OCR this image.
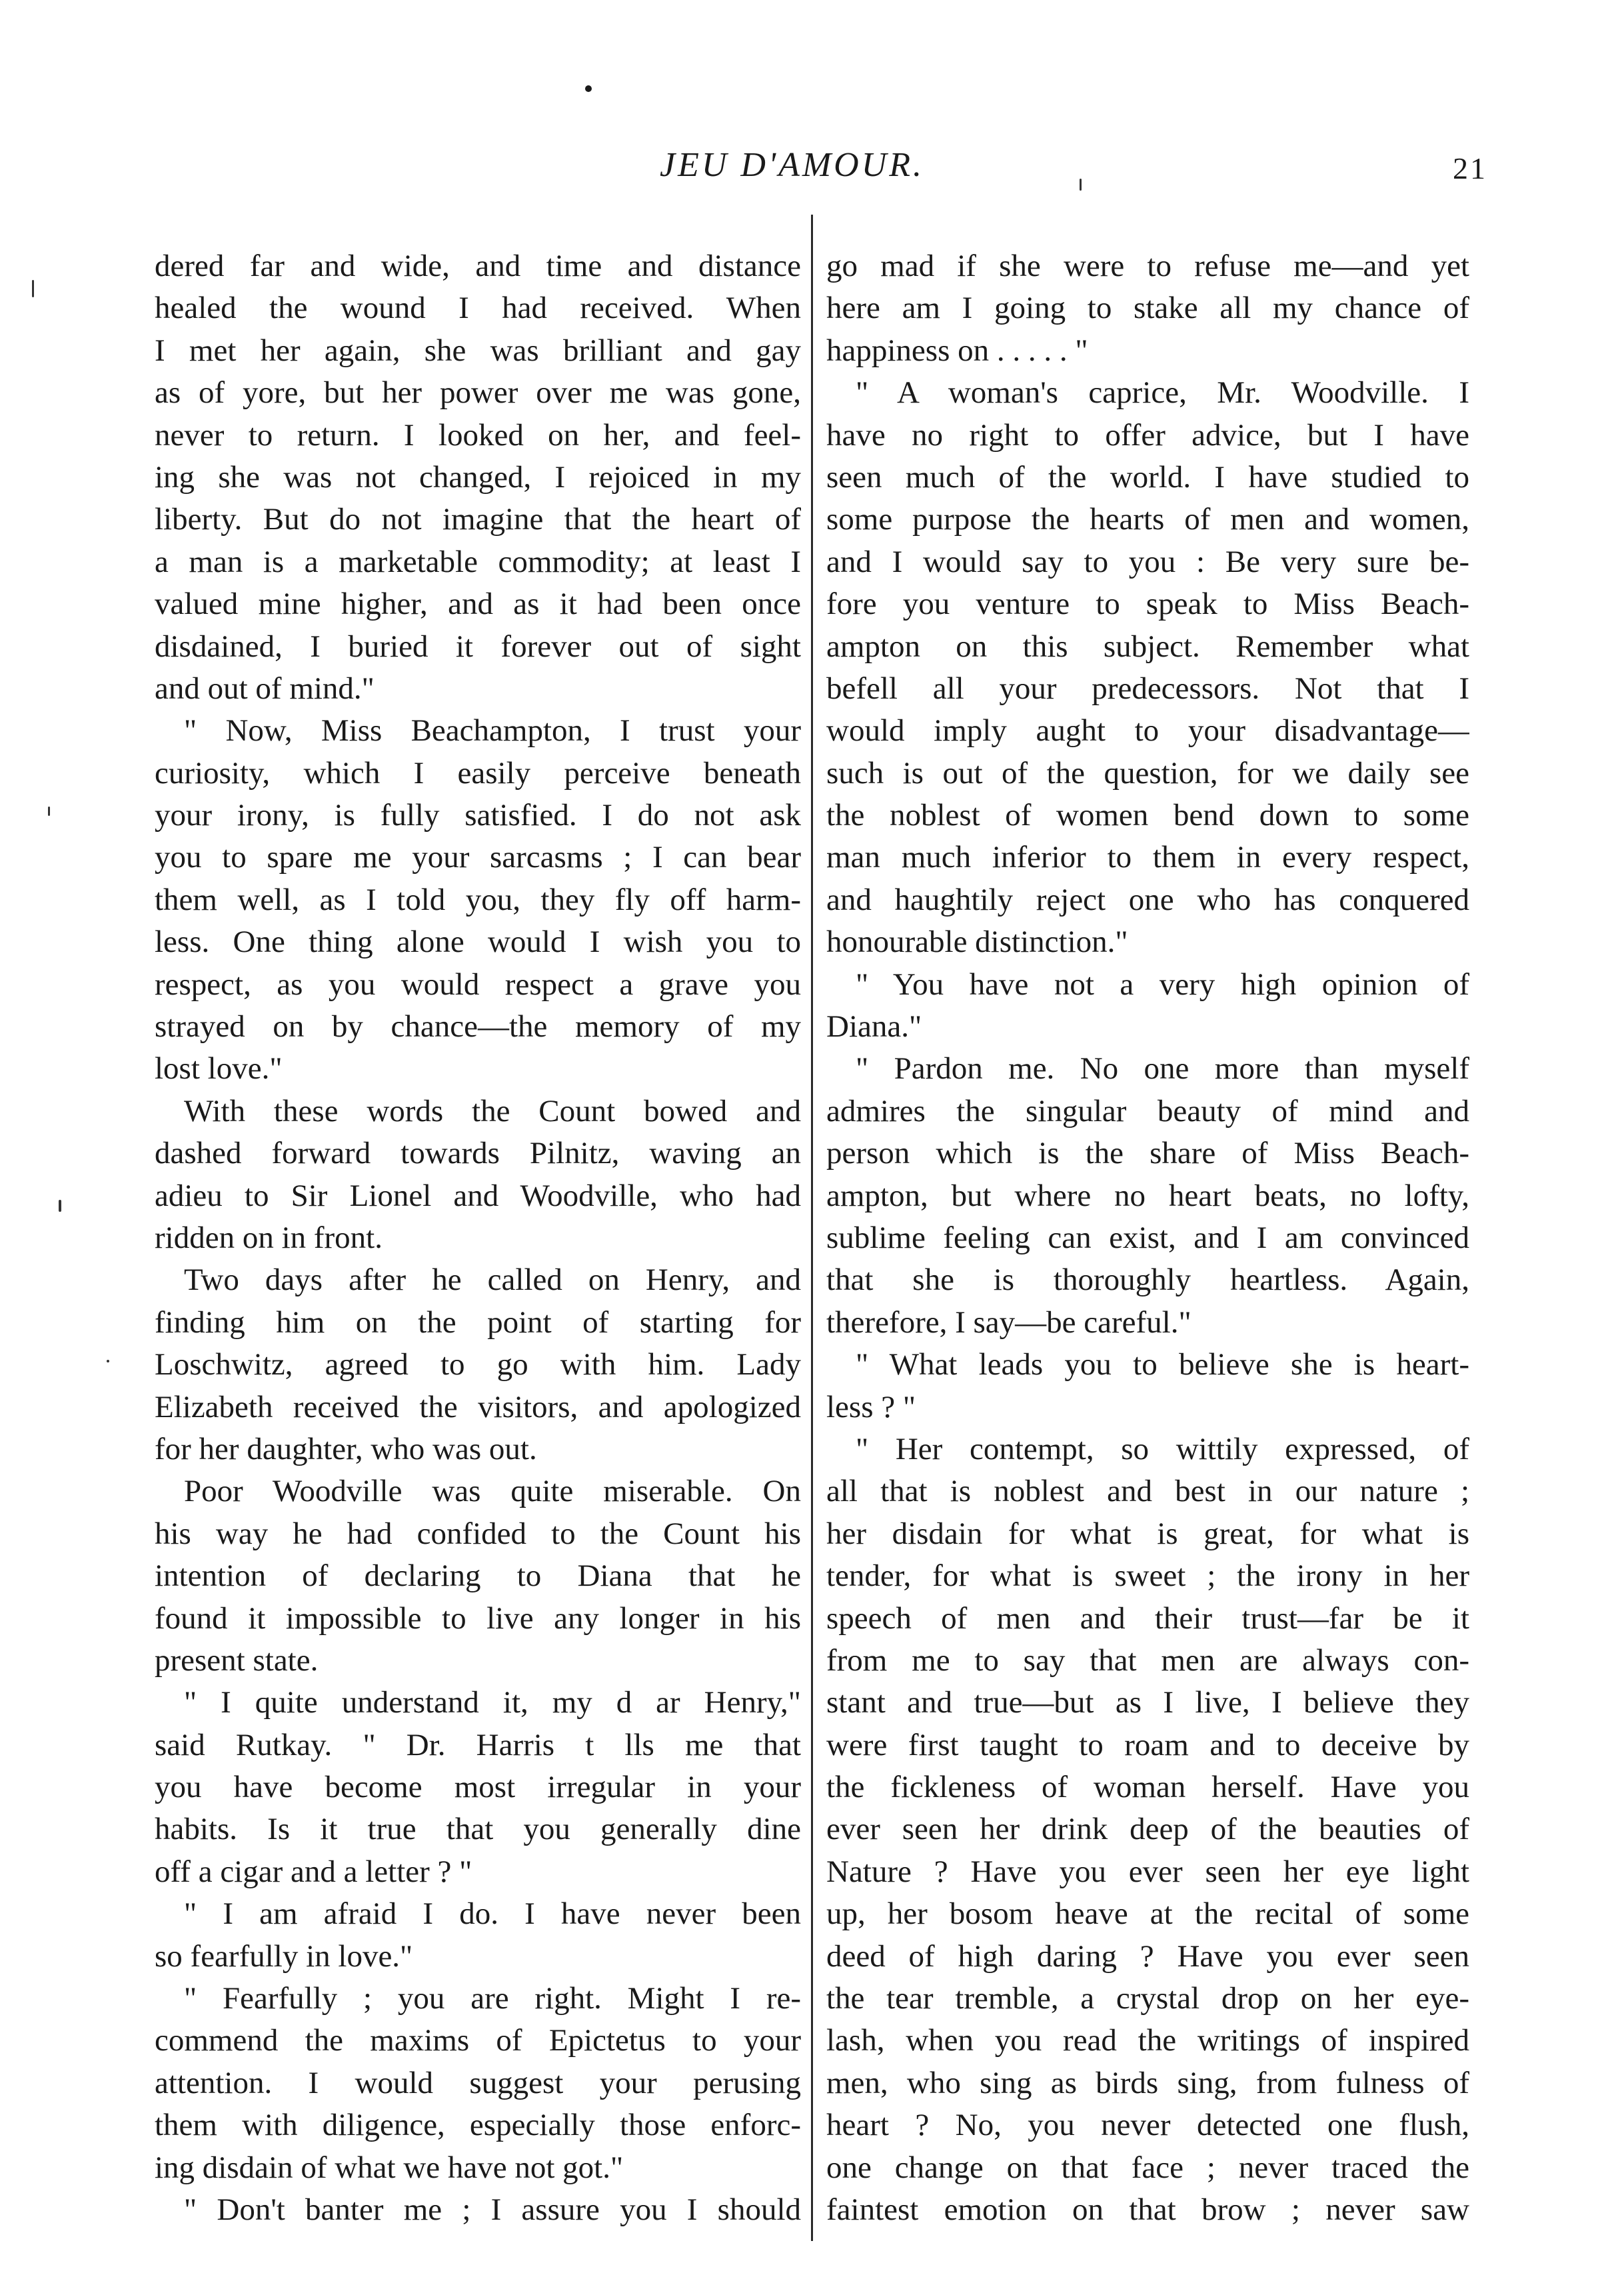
JEU D'AMOUR.	21
dered far and wide, and time and distance
healed the wound I had received. When
I met her again, she was brilliant and gay
as of yore, but her power over me was gone,
never to return. I looked on her, and feel-
ing she was not changed, I rejoiced in my
liberty. But do not imagine that the heart of
a man is a marketable commodity; at least I
valued mine higher, and as it had been once
disdained, I buried it forever out of sight
and out of mind."
" Now, Miss Beachampton, I trust your
curiosity, which I easily perceive beneath
your irony, is fully satisfied. I do not ask
you to spare me your sarcasms ; I can bear
them well, as I told you, they fly off harm-
less. One thing alone would I wish you to
respect, as you would respect a grave you
strayed on by chance—the memory of my
lost love."
With these words the Count bowed and
dashed forward towards Pilnitz, waving an
adieu to Sir Lionel and Woodville, who had
ridden on in front.
Two days after he called on Henry, and
finding him on the point of starting for
Loschwitz, agreed to go with him. Lady
Elizabeth received the visitors, and apologized
for her daughter, who was out.
Poor Woodville was quite miserable. On
his way he had confided to the Count his
intention of declaring to Diana that he
found it impossible to live any longer in his
present state.
" I quite understand it, my d ar Henry,"
said Rutkay. " Dr. Harris t lls me that
you have become most irregular in your
habits. Is it true that you generally dine
off a cigar and a letter ? "
" I am afraid I do. I have never been
so fearfully in love."
" Fearfully ; you are right. Might I re-
commend the maxims of Epictetus to your
attention. I would suggest your perusing
them with diligence, especially those enforc-
ing disdain of what we have not got."
" Don't banter me ; I assure you I should
go mad if she were to refuse me—and yet
here am I going to stake all my chance of
happiness on . . . . . "
" A woman's caprice, Mr. Woodville. I
have no right to offer advice, but I have
seen much of the world. I have studied to
some purpose the hearts of men and women,
and I would say to you : Be very sure be-
fore you venture to speak to Miss Beach-
ampton on this subject. Remember what
befell all your predecessors. Not that I
would imply aught to your disadvantage—
such is out of the question, for we daily see
the noblest of women bend down to some
man much inferior to them in every respect,
and haughtily reject one who has conquered
honourable distinction."
" You have not a very high opinion of
Diana."
" Pardon me. No one more than myself
admires the singular beauty of mind and
person which is the share of Miss Beach-
ampton, but where no heart beats, no lofty,
sublime feeling can exist, and I am convinced
that she is thoroughly heartless. Again,
therefore, I say—be careful."
" What leads you to believe she is heart-
less ? "
" Her contempt, so wittily expressed, of
all that is noblest and best in our nature ;
her disdain for what is great, for what is
tender, for what is sweet ; the irony in her
speech of men and their trust—far be it
from me to say that men are always con-
stant and true—but as I live, I believe they
were first taught to roam and to deceive by
the fickleness of woman herself. Have you
ever seen her drink deep of the beauties of
Nature ? Have you ever seen her eye light
up, her bosom heave at the recital of some
deed of high daring ? Have you ever seen
the tear tremble, a crystal drop on her eye-
lash, when you read the writings of inspired
men, who sing as birds sing, from fulness of
heart ? No, you never detected one flush,
one change on that face ; never traced the
faintest emotion on that brow ; never saw
